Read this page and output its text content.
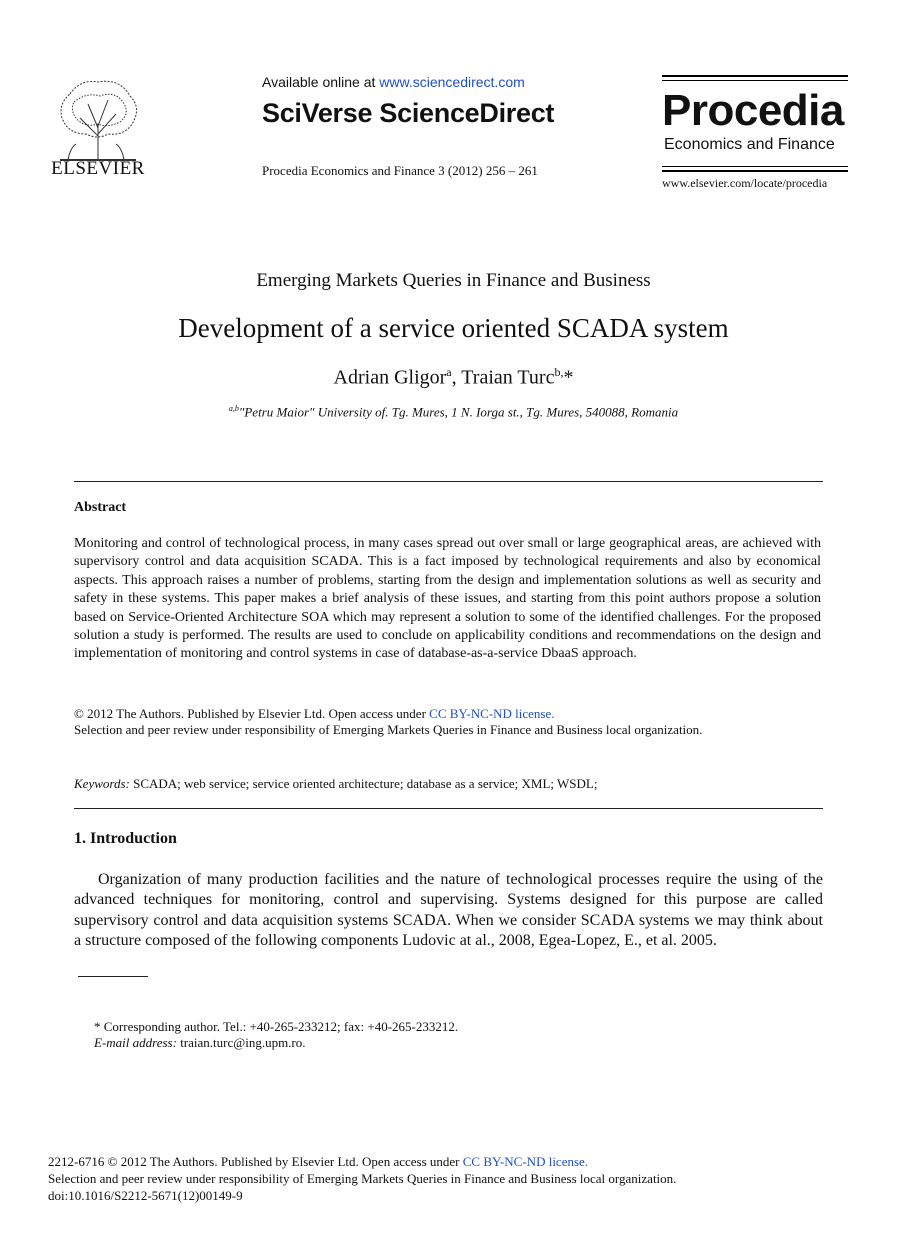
ELSEVIER
Available online at www.sciencedirect.com
SciVerse ScienceDirect
Procedia Economics and Finance 3 (2012) 256 – 261
Procedia
Economics and Finance
www.elsevier.com/locate/procedia
Emerging Markets Queries in Finance and Business
Development of a service oriented SCADA system
Adrian Gligor$^a$, Traian Turc$^{b,}$*
$^{a,b}$"Petru Maior" University of. Tg. Mures, 1 N. Iorga st., Tg. Mures, 540088, Romania
Abstract
Monitoring and control of technological process, in many cases spread out over small or large geographical areas, are achieved with supervisory control and data acquisition SCADA. This is a fact imposed by technological requirements and also by economical aspects. This approach raises a number of problems, starting from the design and implementation solutions as well as security and safety in these systems. This paper makes a brief analysis of these issues, and starting from this point authors propose a solution based on Service-Oriented Architecture SOA which may represent a solution to some of the identified challenges. For the proposed solution a study is performed. The results are used to conclude on applicability conditions and recommendations on the design and implementation of monitoring and control systems in case of database-as-a-service DbaaS approach.
© 2012 The Authors. Published by Elsevier Ltd. Open access under CC BY-NC-ND license.
Selection and peer review under responsibility of Emerging Markets Queries in Finance and Business local organization.
Keywords: SCADA; web service; service oriented architecture; database as a service; XML; WSDL;
1. Introduction
Organization of many production facilities and the nature of technological processes require the using of the advanced techniques for monitoring, control and supervising. Systems designed for this purpose are called supervisory control and data acquisition systems SCADA. When we consider SCADA systems we may think about a structure composed of the following components Ludovic at al., 2008, Egea-Lopez, E., et al. 2005.
* Corresponding author. Tel.: +40-265-233212; fax: +40-265-233212.
E-mail address: traian.turc@ing.upm.ro.
2212-6716 © 2012 The Authors. Published by Elsevier Ltd. Open access under CC BY-NC-ND license.
Selection and peer review under responsibility of Emerging Markets Queries in Finance and Business local organization.
doi:10.1016/S2212-5671(12)00149-9
